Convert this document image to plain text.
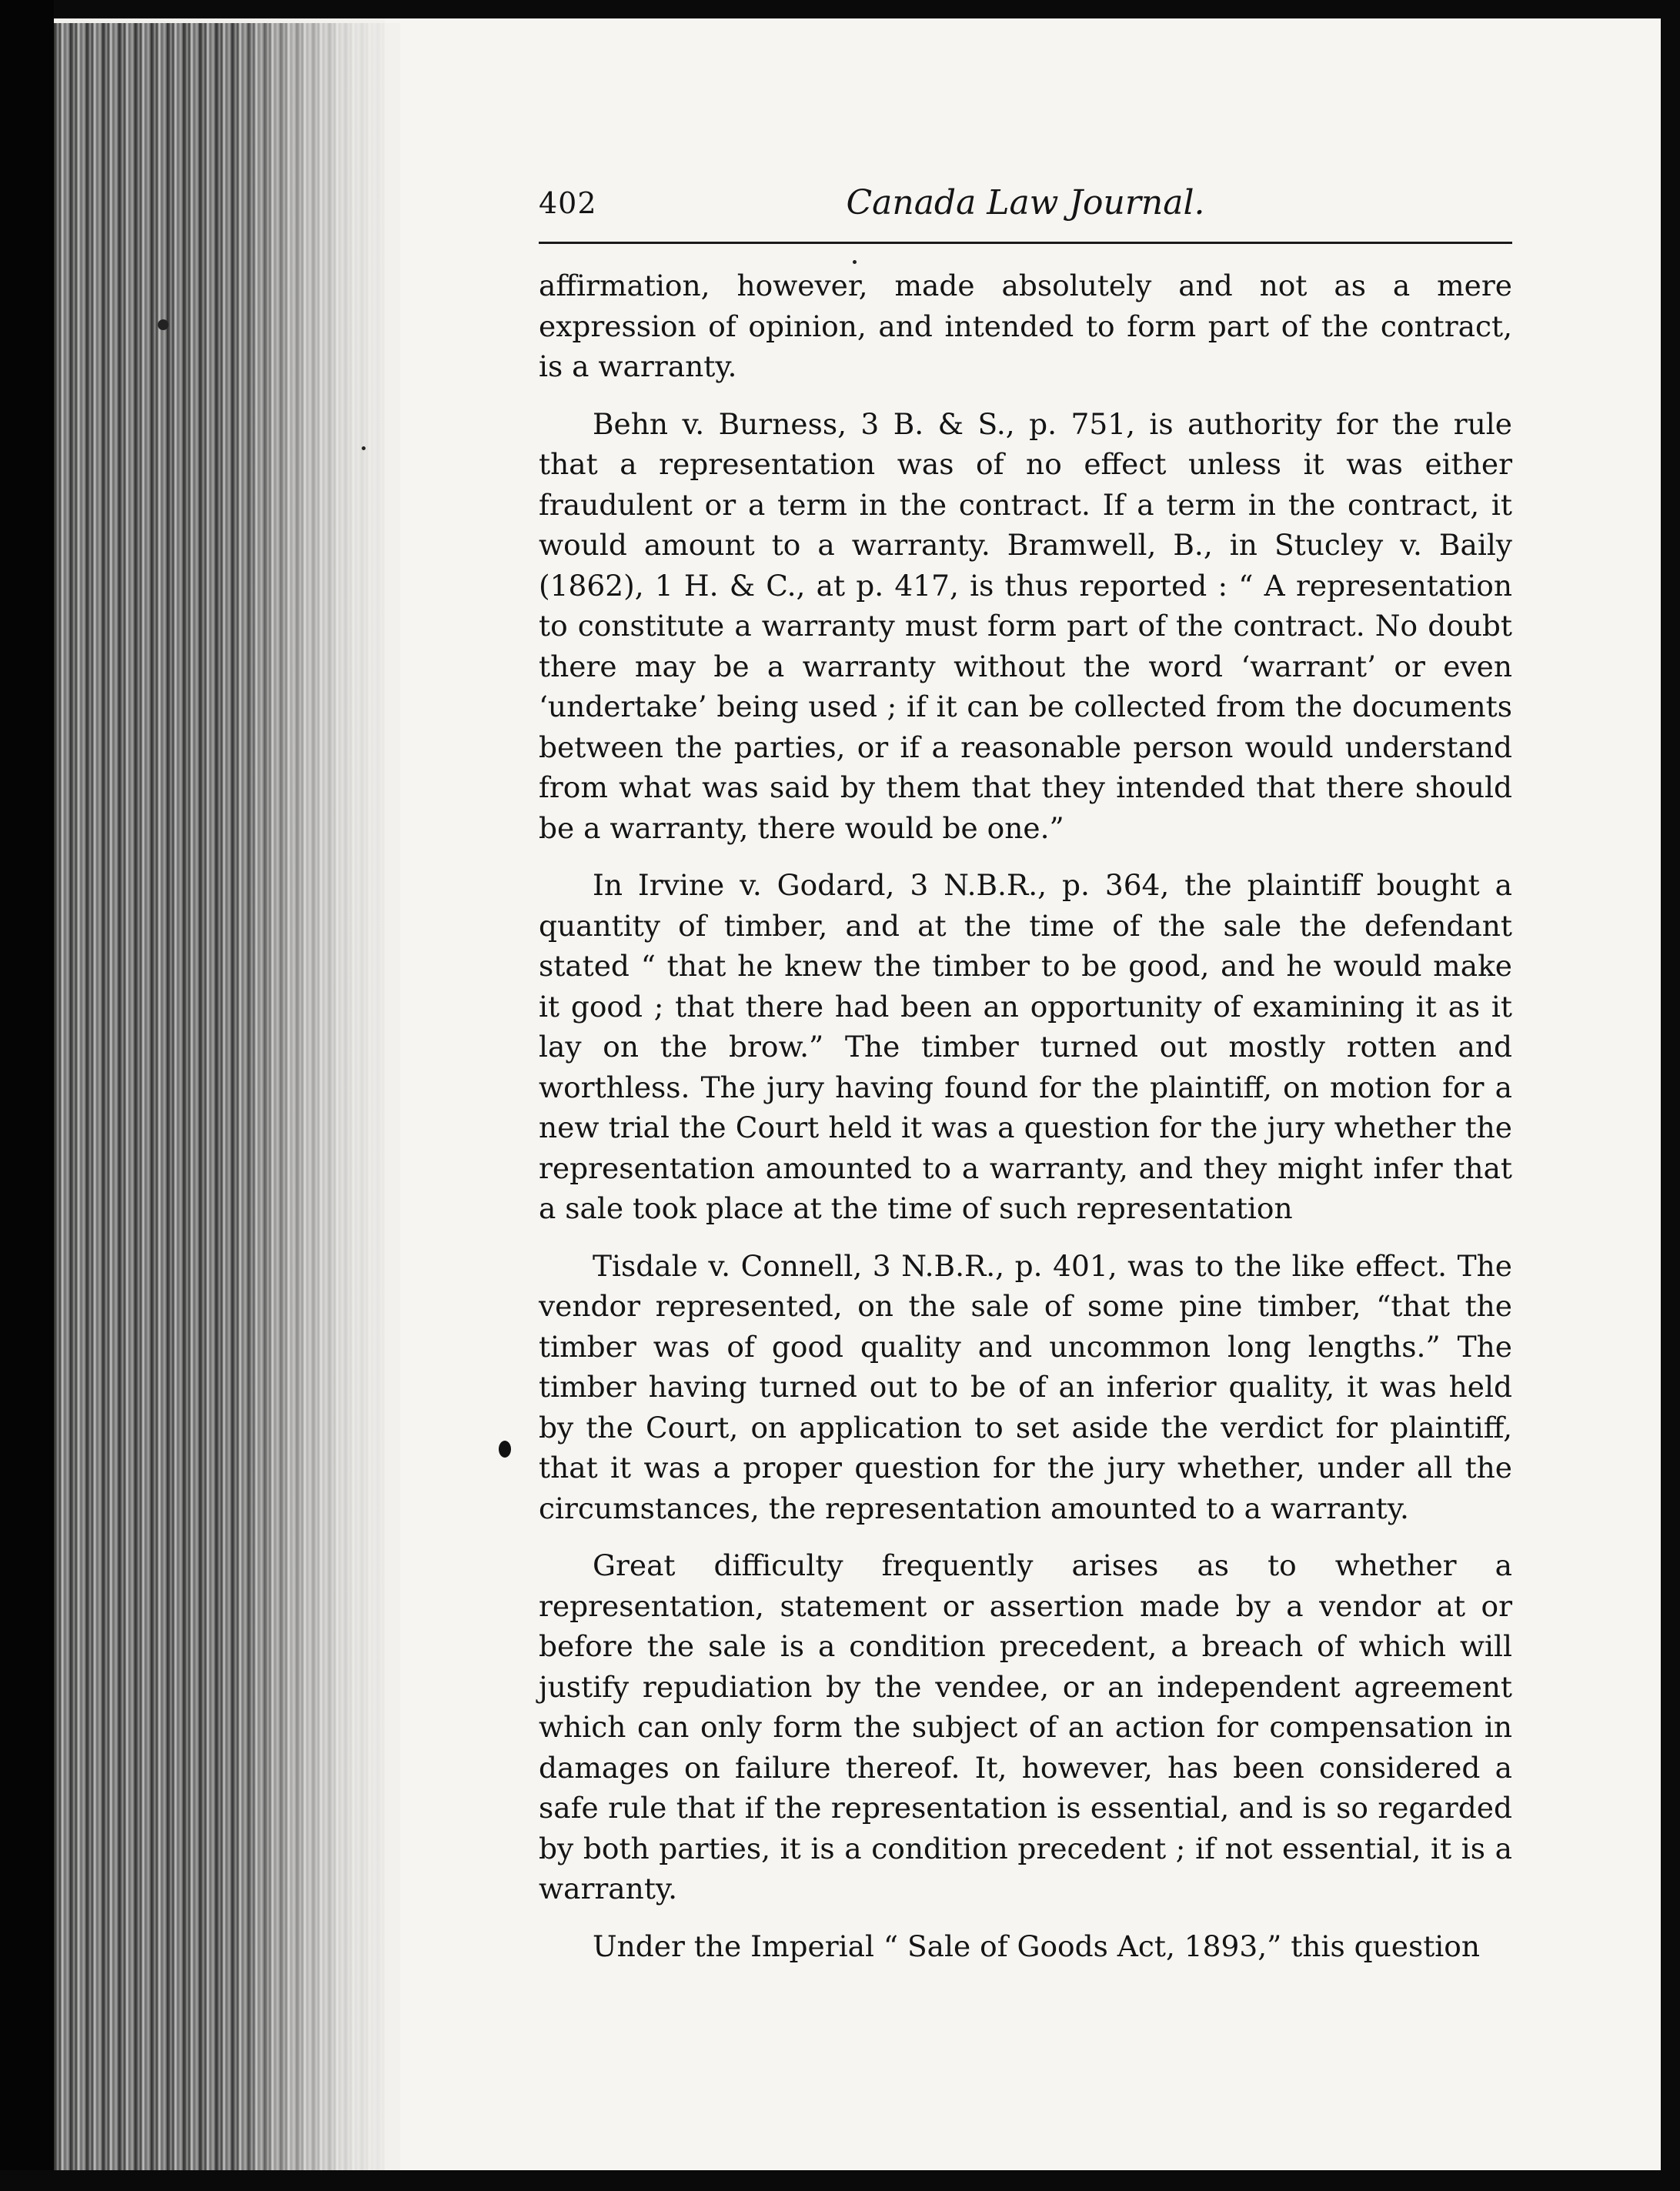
402	Canada Law Journal.

affirmation, however, made absolutely and not as a mere expression of opinion, and intended to form part of the contract, is a warranty.

Behn v. Burness, 3 B. & S., p. 751, is authority for the rule that a representation was of no effect unless it was either fraudulent or a term in the contract. If a term in the contract, it would amount to a warranty. Bramwell, B., in Stucley v. Baily (1862), 1 H. & C., at p. 417, is thus reported : “ A representation to constitute a warranty must form part of the contract. No doubt there may be a warranty without the word ‘warrant’ or even ‘undertake’ being used ; if it can be collected from the documents between the parties, or if a reasonable person would understand from what was said by them that they intended that there should be a warranty, there would be one.”

In Irvine v. Godard, 3 N.B.R., p. 364, the plaintiff bought a quantity of timber, and at the time of the sale the defendant stated “ that he knew the timber to be good, and he would make it good ; that there had been an opportunity of examining it as it lay on the brow.” The timber turned out mostly rotten and worthless. The jury having found for the plaintiff, on motion for a new trial the Court held it was a question for the jury whether the representation amounted to a warranty, and they might infer that a sale took place at the time of such representation

Tisdale v. Connell, 3 N.B.R., p. 401, was to the like effect. The vendor represented, on the sale of some pine timber, “that the timber was of good quality and uncommon long lengths.” The timber having turned out to be of an inferior quality, it was held by the Court, on application to set aside the verdict for plaintiff, that it was a proper question for the jury whether, under all the circumstances, the representation amounted to a warranty.

Great difficulty frequently arises as to whether a representation, statement or assertion made by a vendor at or before the sale is a condition precedent, a breach of which will justify repudiation by the vendee, or an independent agreement which can only form the subject of an action for compensation in damages on failure thereof. It, however, has been considered a safe rule that if the representation is essential, and is so regarded by both parties, it is a condition precedent ; if not essential, it is a warranty.

Under the Imperial “ Sale of Goods Act, 1893,” this question
